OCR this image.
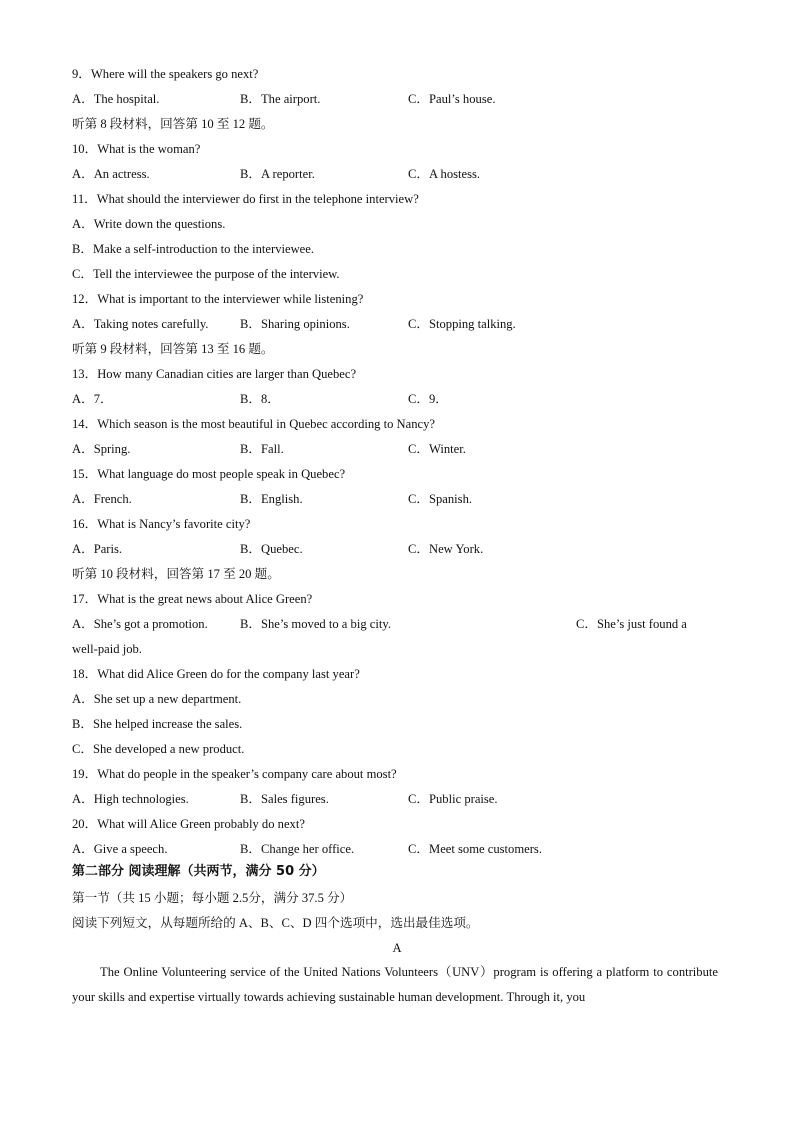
9．Where will the speakers go next?
A．The hospital.	B．The airport.	C．Paul’s house.
听第 8 段材料，回答第 10 至 12 题。
10．What is the woman?
A．An actress.	B．A reporter.	C．A hostess.
11．What should the interviewer do first in the telephone interview?
A．Write down the questions.
B．Make a self-introduction to the interviewee.
C．Tell the interviewee the purpose of the interview.
12．What is important to the interviewer while listening?
A．Taking notes carefully.	B．Sharing opinions.	C．Stopping talking.
听第 9 段材料，回答第 13 至 16 题。
13．How many Canadian cities are larger than Quebec?
A．7．	B．8．	C．9．
14．Which season is the most beautiful in Quebec according to Nancy?
A．Spring.	B．Fall.	C．Winter.
15．What language do most people speak in Quebec?
A．French.	B．English.	C．Spanish.
16．What is Nancy’s favorite city?
A．Paris.	B．Quebec.	C．New York.
听第 10 段材料，回答第 17 至 20 题。
17．What is the great news about Alice Green?
A．She’s got a promotion.	B．She’s moved to a big city.	C．She’s just found a
well-paid job.
18．What did Alice Green do for the company last year?
A．She set up a new department.
B．She helped increase the sales.
C．She developed a new product.
19．What do people in the speaker’s company care about most?
A．High technologies.	B．Sales figures.	C．Public praise.
20．What will Alice Green probably do next?
A．Give a speech.	B．Change her office.	C．Meet some customers.
第二部分 阅读理解（共两节，满分 50 分）
第一节（共 15 小题；每小题 2.5分，满分 37.5 分）
阅读下列短文，从每题所给的 A、B、C、D 四个选项中，选出最佳选项。
A
The Online Volunteering service of the United Nations Volunteers（UNV）program is offering a platform to contribute your skills and expertise virtually towards achieving sustainable human development. Through it, you
